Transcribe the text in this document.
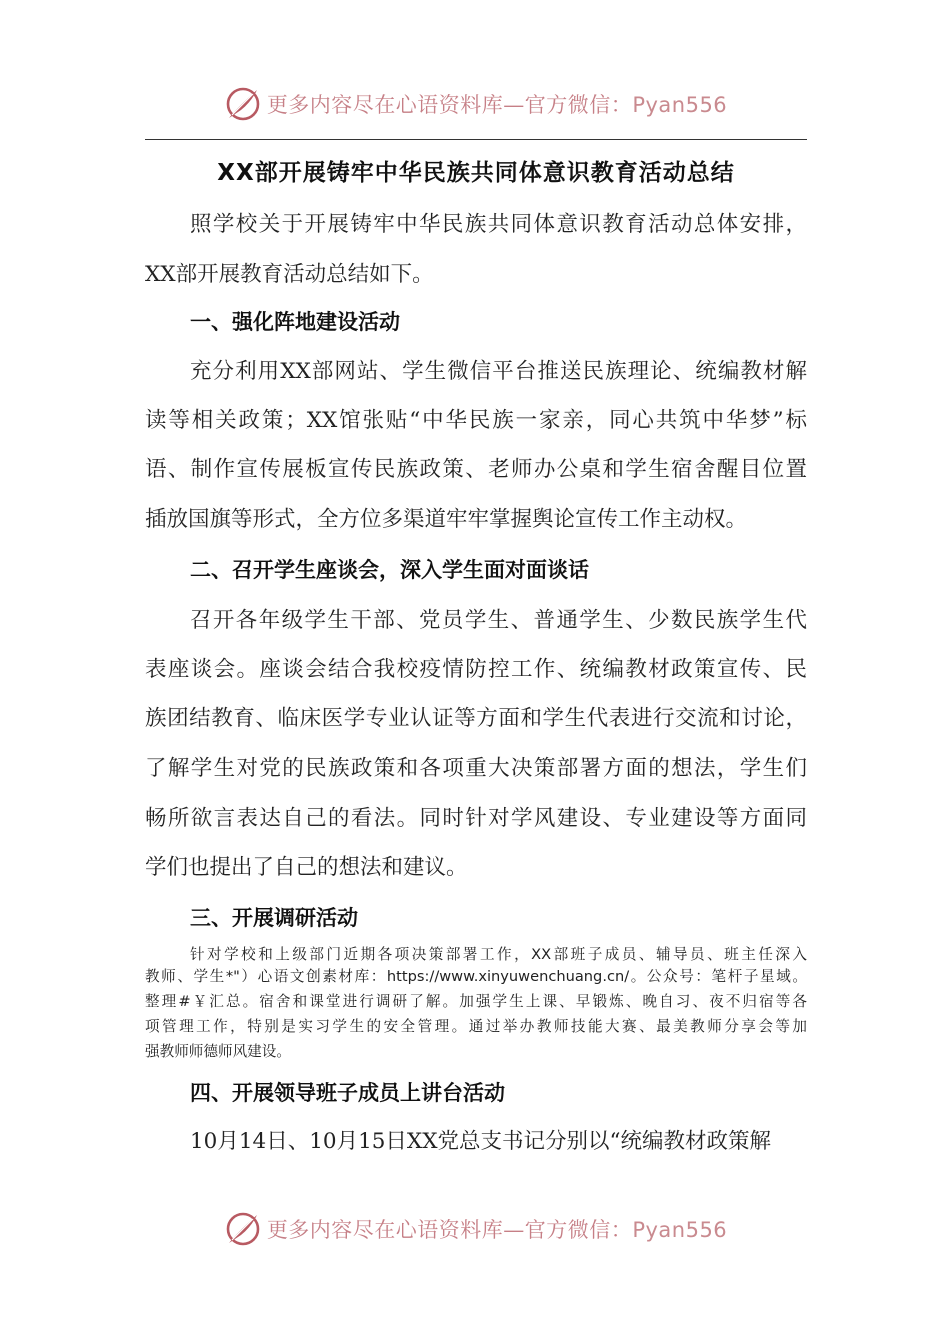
更多内容尽在心语资料库—官方微信：Pyan556
XX部开展铸牢中华民族共同体意识教育活动总结
照学校关于开展铸牢中华民族共同体意识教育活动总体安排，
XX部开展教育活动总结如下。
一、强化阵地建设活动
充分利用XX部网站、学生微信平台推送民族理论、统编教材解
读等相关政策；XX馆张贴“中华民族一家亲，同心共筑中华梦”标
语、制作宣传展板宣传民族政策、老师办公桌和学生宿舍醒目位置
插放国旗等形式，全方位多渠道牢牢掌握舆论宣传工作主动权。
二、召开学生座谈会，深入学生面对面谈话
召开各年级学生干部、党员学生、普通学生、少数民族学生代
表座谈会。座谈会结合我校疫情防控工作、统编教材政策宣传、民
族团结教育、临床医学专业认证等方面和学生代表进行交流和讨论，
了解学生对党的民族政策和各项重大决策部署方面的想法，学生们
畅所欲言表达自己的看法。同时针对学风建设、专业建设等方面同
学们也提出了自己的想法和建议。
三、开展调研活动
针对学校和上级部门近期各项决策部署工作，XX部班子成员、辅导员、班主任深入
教师、学生*"）心语文创素材库：https://www.xinyuwenchuang.cn/。公众号：笔杆子星域。
整理#￥汇总。宿舍和课堂进行调研了解。加强学生上课、早锻炼、晚自习、夜不归宿等各
项管理工作，特别是实习学生的安全管理。通过举办教师技能大赛、最美教师分享会等加
强教师师德师风建设。
四、开展领导班子成员上讲台活动
10月14日、10月15日XX党总支书记分别以“统编教材政策解
更多内容尽在心语资料库—官方微信：Pyan556
